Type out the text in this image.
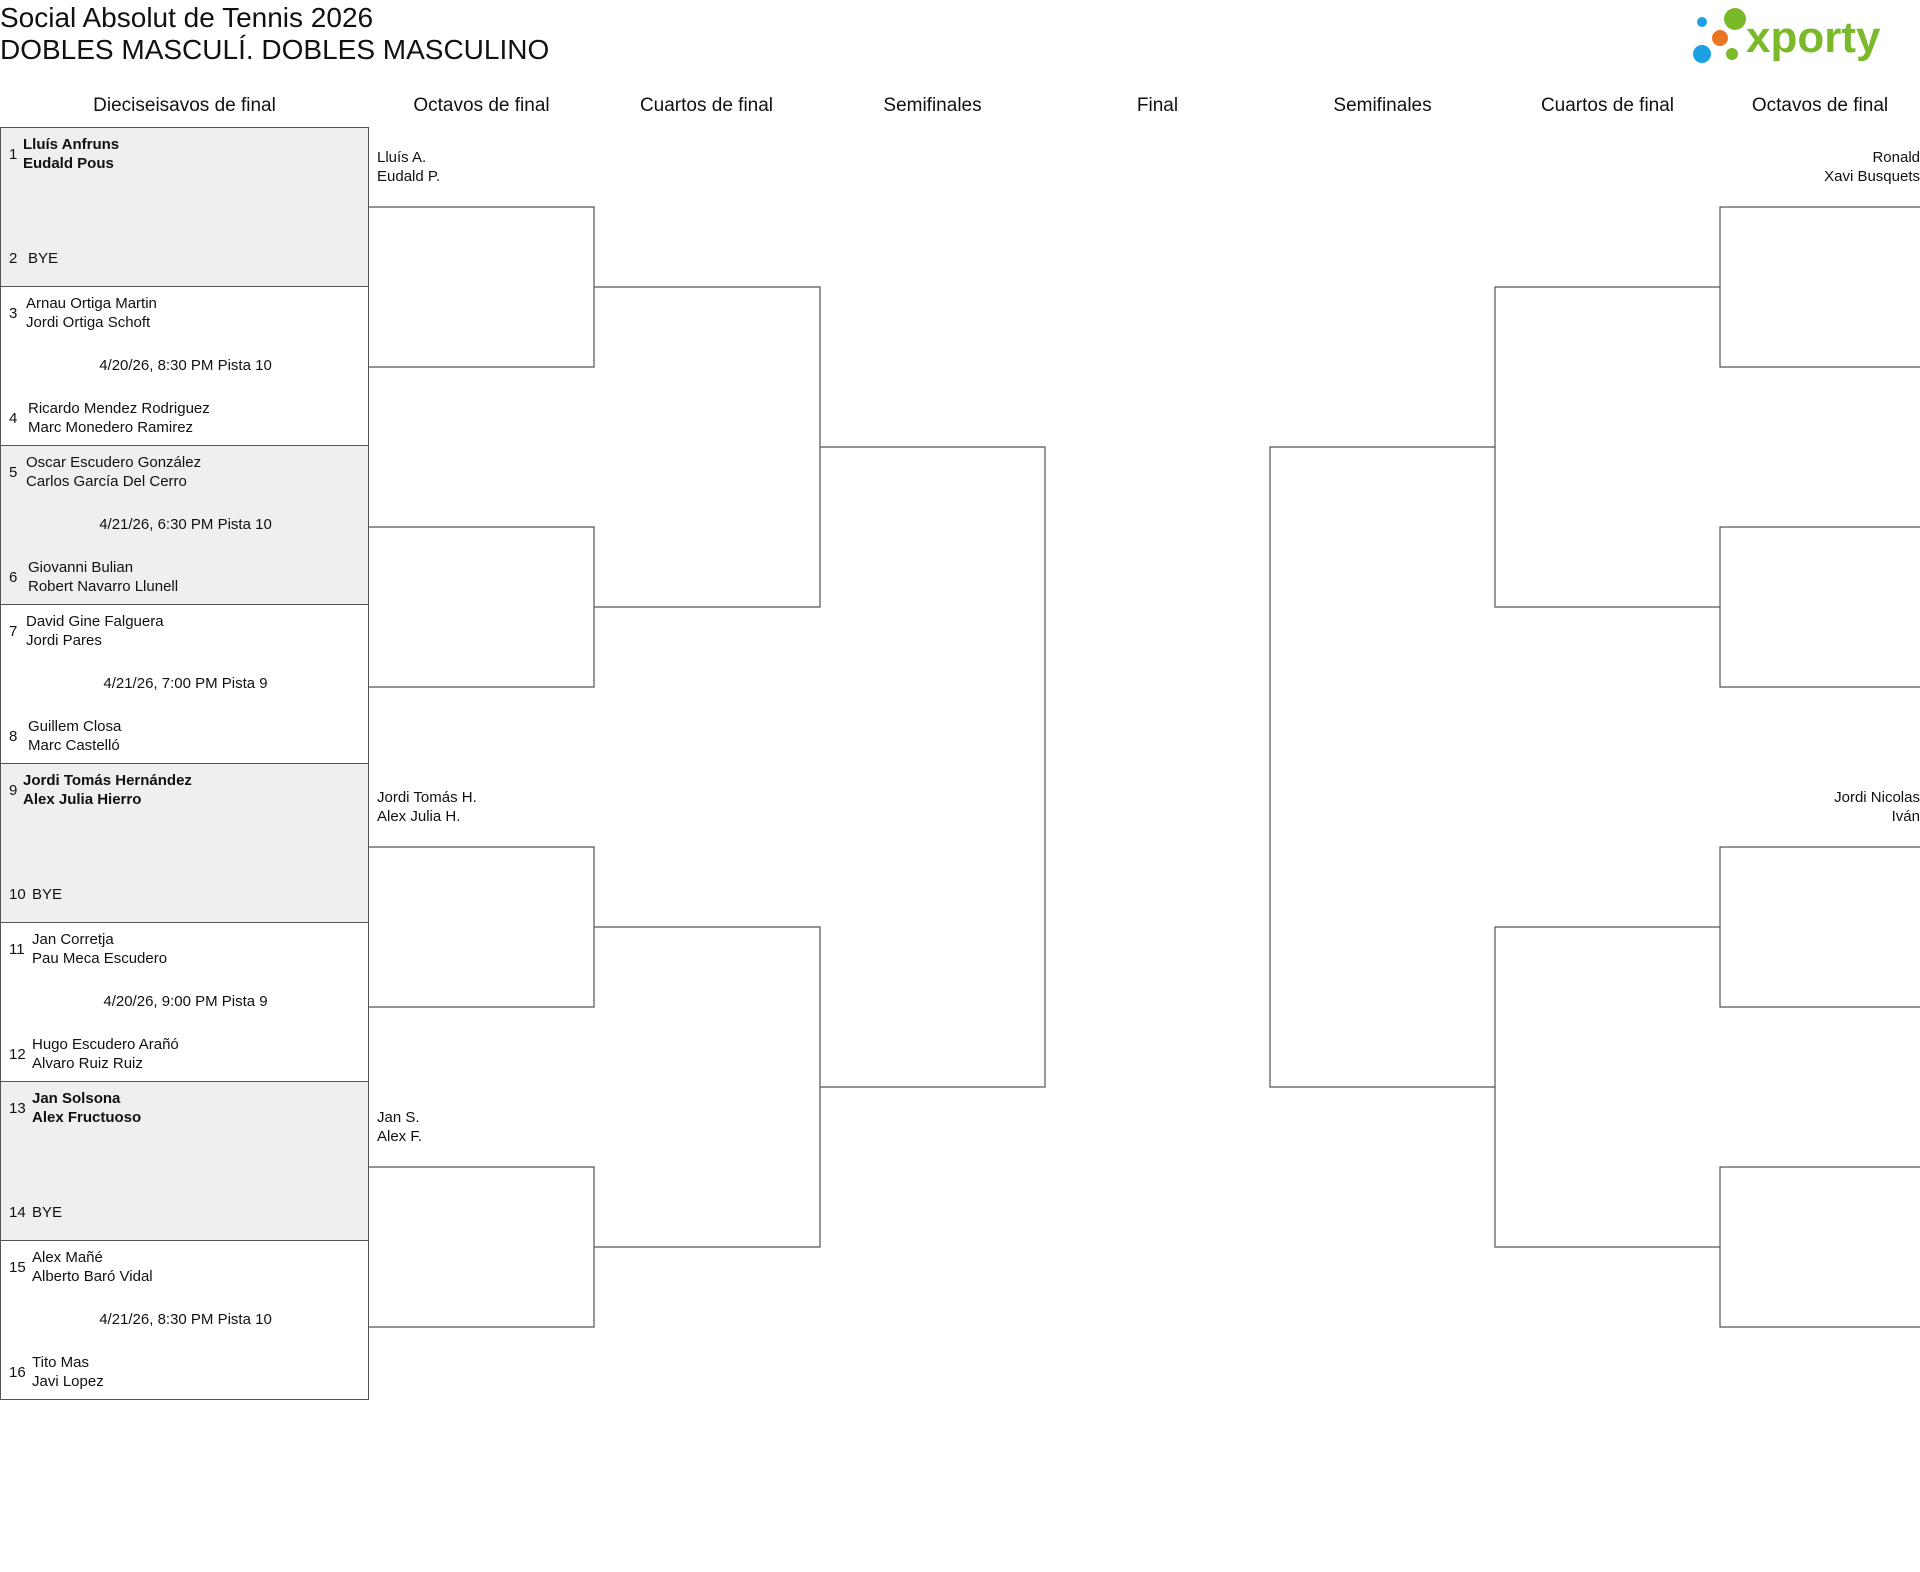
Social Absolut de Tennis 2026
DOBLES MASCULÍ. DOBLES MASCULINO	xporty
Dieciseisavos de final	Octavos de final	Cuartos de final	Semifinales	Final	Semifinales	Cuartos de final	Octavos de final
1
Lluís Anfruns
Eudald Pous
2 BYE
3
Arnau Ortiga Martin
Jordi Ortiga Schoft
4/20/26, 8:30 PM Pista 10
4
Ricardo Mendez Rodriguez
Marc Monedero Ramirez
5
Oscar Escudero González
Carlos García Del Cerro
4/21/26, 6:30 PM Pista 10
6
Giovanni Bulian
Robert Navarro Llunell
7
David Gine Falguera
Jordi Pares
4/21/26, 7:00 PM Pista 9
8
Guillem Closa
Marc Castelló
9
Jordi Tomás Hernández
Alex Julia Hierro
10 BYE
11
Jan Corretja
Pau Meca Escudero
4/20/26, 9:00 PM Pista 9
12
Hugo Escudero Arañó
Alvaro Ruiz Ruiz
13
Jan Solsona
Alex Fructuoso
14 BYE
15
Alex Mañé
Alberto Baró Vidal
4/21/26, 8:30 PM Pista 10
16
Tito Mas
Javi Lopez
Lluís A.
Eudald P.
Jordi Tomás H.
Alex Julia H.
Jan S.
Alex F.
Ronald
Xavi Busquets
Jordi Nicolas
Iván
